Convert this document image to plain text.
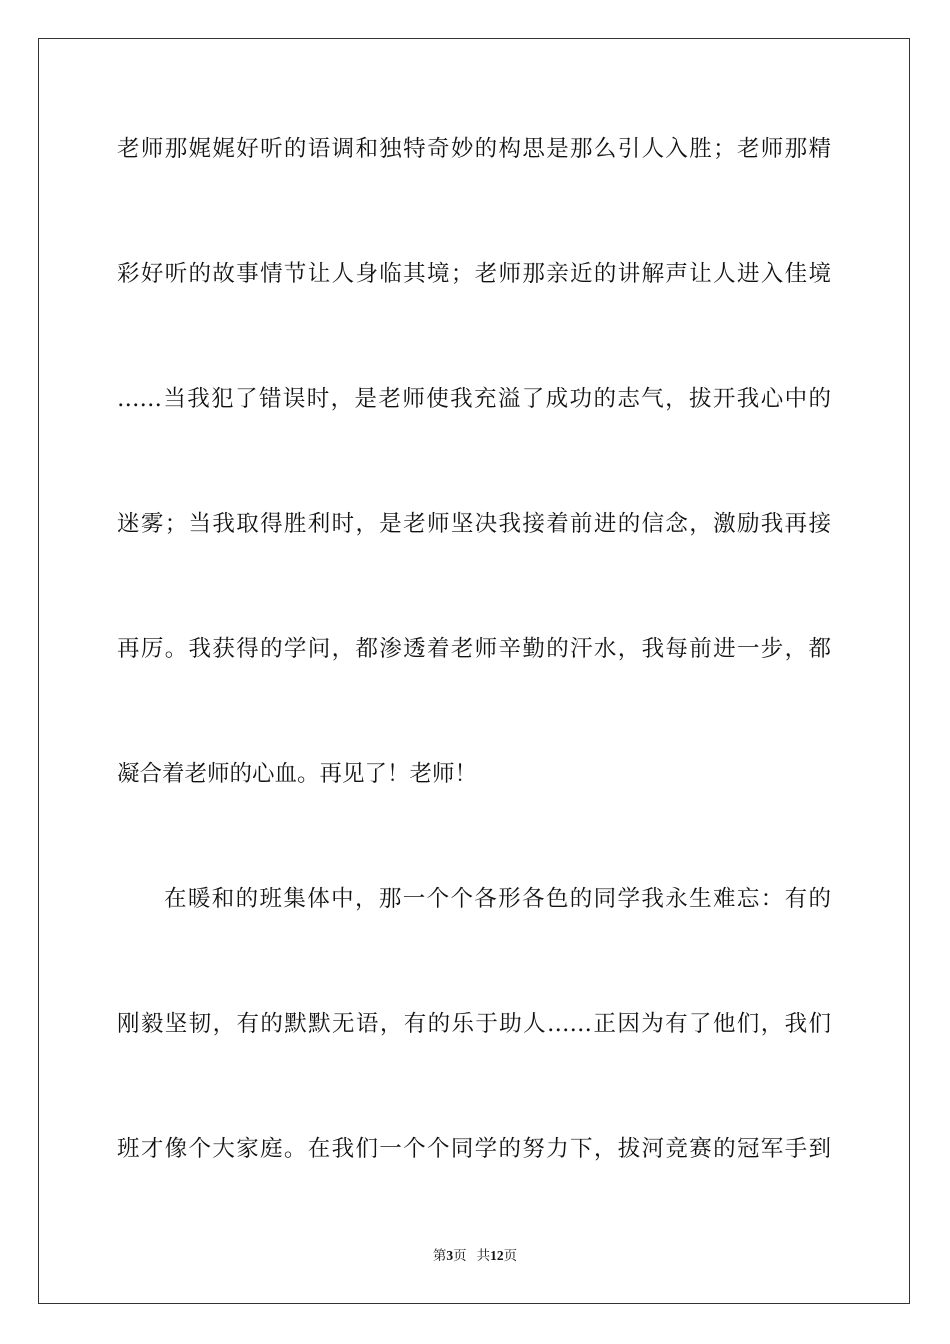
老师那娓娓好听的语调和独特奇妙的构思是那么引人入胜；老师那精
彩好听的故事情节让人身临其境；老师那亲近的讲解声让人进入佳境
……当我犯了错误时，是老师使我充溢了成功的志气，拔开我心中的
迷雾；当我取得胜利时，是老师坚决我接着前进的信念，激励我再接
再厉。我获得的学问，都渗透着老师辛勤的汗水，我每前进一步，都
凝合着老师的心血。再见了！老师！
在暖和的班集体中，那一个个各形各色的同学我永生难忘：有的
刚毅坚韧，有的默默无语，有的乐于助人……正因为有了他们，我们
班才像个大家庭。在我们一个个同学的努力下，拔河竞赛的冠军手到
第3页 共12页
